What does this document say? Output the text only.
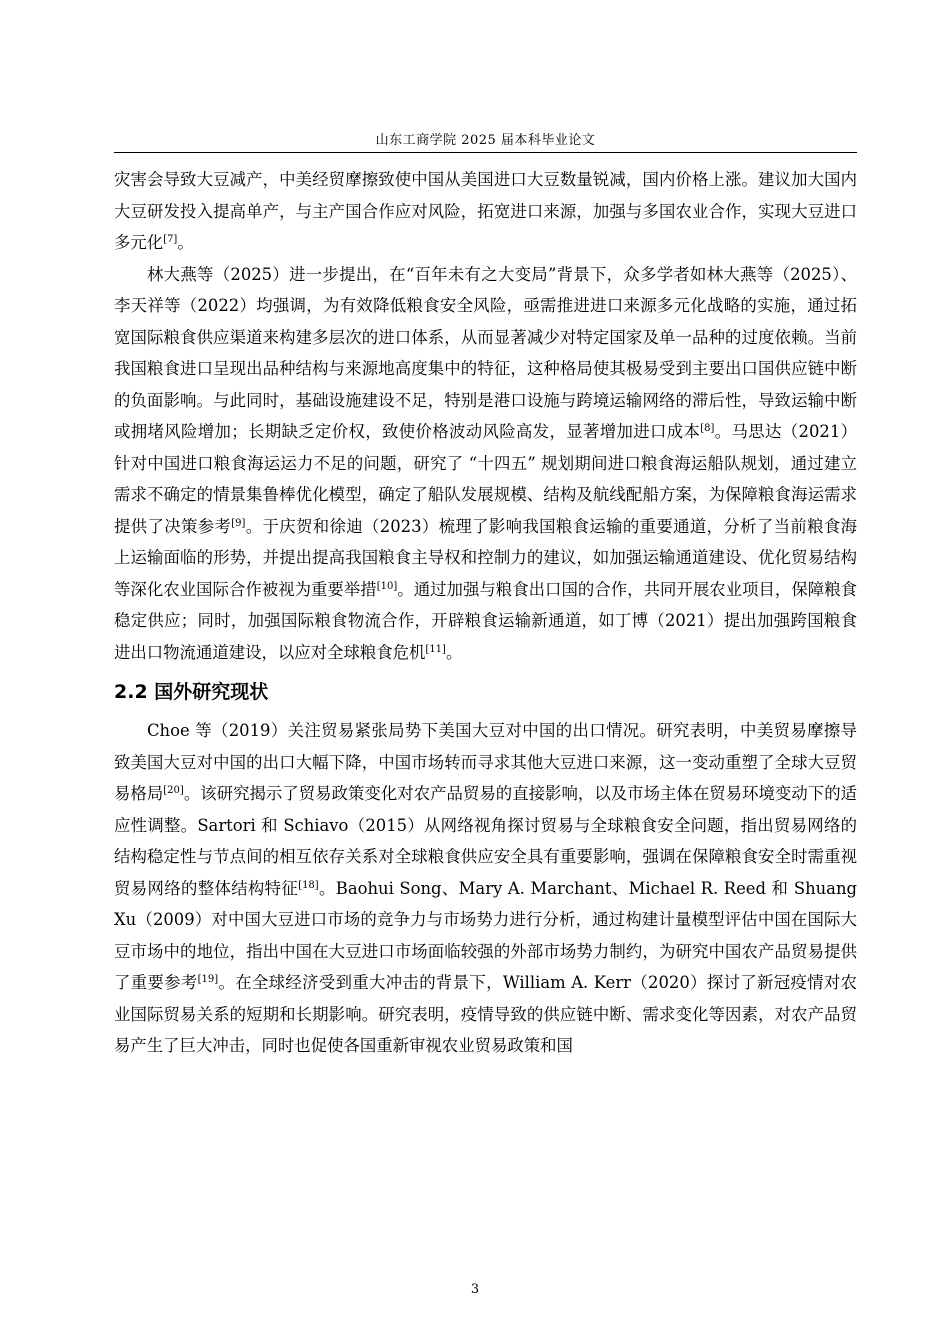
山东工商学院 2025 届本科毕业论文

灾害会导致大豆减产，中美经贸摩擦致使中国从美国进口大豆数量锐减，国内价格上涨。建议加大国内大豆研发投入提高单产，与主产国合作应对风险，拓宽进口来源，加强与多国农业合作，实现大豆进口多元化[7]。

林大燕等（2025）进一步提出，在“百年未有之大变局”背景下，众多学者如林大燕等（2025）、李天祥等（2022）均强调，为有效降低粮食安全风险，亟需推进进口来源多元化战略的实施，通过拓宽国际粮食供应渠道来构建多层次的进口体系，从而显著减少对特定国家及单一品种的过度依赖。当前我国粮食进口呈现出品种结构与来源地高度集中的特征，这种格局使其极易受到主要出口国供应链中断的负面影响。与此同时，基础设施建设不足，特别是港口设施与跨境运输网络的滞后性，导致运输中断或拥堵风险增加；长期缺乏定价权，致使价格波动风险高发，显著增加进口成本[8]。马思达（2021）针对中国进口粮食海运运力不足的问题，研究了 “十四五” 规划期间进口粮食海运船队规划，通过建立需求不确定的情景集鲁棒优化模型，确定了船队发展规模、结构及航线配船方案，为保障粮食海运需求提供了决策参考[9]。于庆贺和徐迪（2023）梳理了影响我国粮食运输的重要通道，分析了当前粮食海上运输面临的形势，并提出提高我国粮食主导权和控制力的建议，如加强运输通道建设、优化贸易结构等深化农业国际合作被视为重要举措[10]。通过加强与粮食出口国的合作，共同开展农业项目，保障粮食稳定供应；同时，加强国际粮食物流合作，开辟粮食运输新通道，如丁博（2021）提出加强跨国粮食进出口物流通道建设，以应对全球粮食危机[11]。

2.2 国外研究现状

Choe 等（2019）关注贸易紧张局势下美国大豆对中国的出口情况。研究表明，中美贸易摩擦导致美国大豆对中国的出口大幅下降，中国市场转而寻求其他大豆进口来源，这一变动重塑了全球大豆贸易格局[20]。该研究揭示了贸易政策变化对农产品贸易的直接影响，以及市场主体在贸易环境变动下的适应性调整。Sartori 和 Schiavo（2015）从网络视角探讨贸易与全球粮食安全问题，指出贸易网络的结构稳定性与节点间的相互依存关系对全球粮食供应安全具有重要影响，强调在保障粮食安全时需重视贸易网络的整体结构特征[18]。Baohui Song、Mary A. Marchant、Michael R. Reed 和 Shuang Xu（2009）对中国大豆进口市场的竞争力与市场势力进行分析，通过构建计量模型评估中国在国际大豆市场中的地位，指出中国在大豆进口市场面临较强的外部市场势力制约，为研究中国农产品贸易提供了重要参考[19]。在全球经济受到重大冲击的背景下，William A. Kerr（2020）探讨了新冠疫情对农业国际贸易关系的短期和长期影响。研究表明，疫情导致的供应链中断、需求变化等因素，对农产品贸易产生了巨大冲击，同时也促使各国重新审视农业贸易政策和国

3
